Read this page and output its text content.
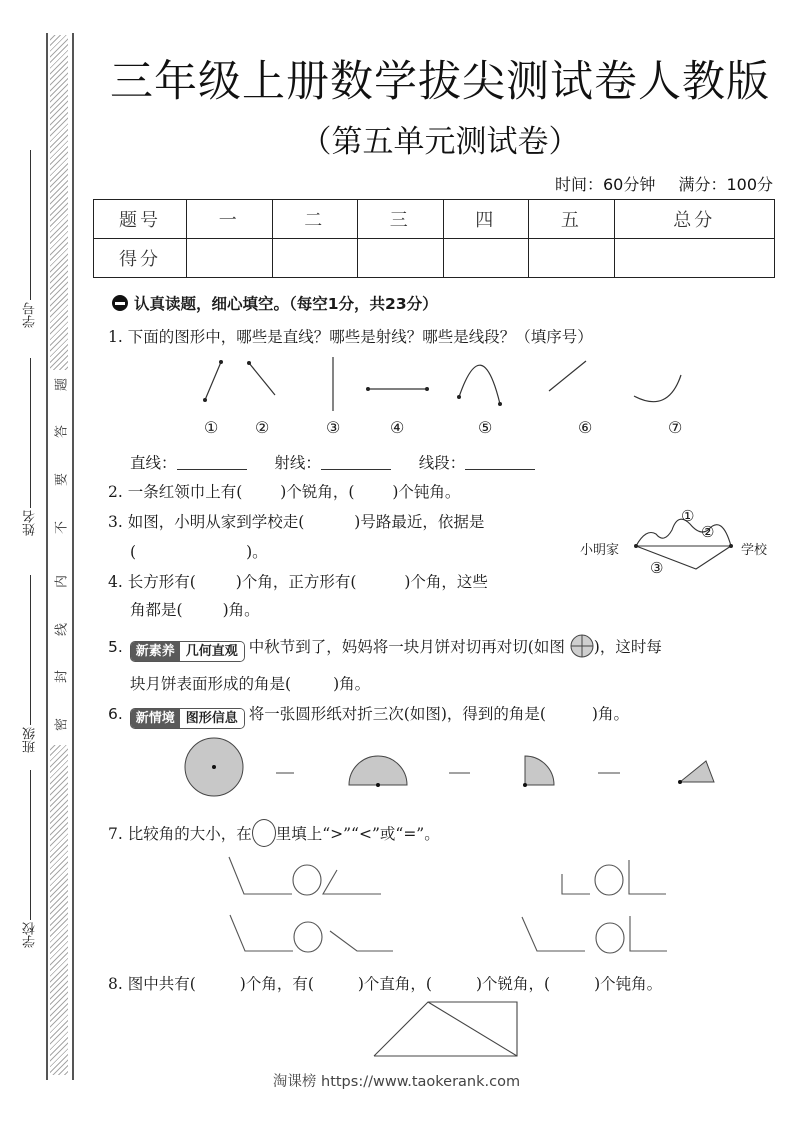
题
答
要
不
内
线
封
密
学号
姓名
班级
学校
三年级上册数学拔尖测试卷人教版
（第五单元测试卷）
时间：60分钟 满分：100分
题号	一	二	三	四	五	总分
得分						
认真读题，细心填空。（每空1分，共23分）
1. 下面的图形中，哪些是直线？哪些是射线？哪些是线段？（填序号）
① ②	③	④	⑤	⑥	⑦
直线：	射线：	线段：
2. 一条红领巾上有( )个锐角，( )个钝角。
3. 如图，小明从家到学校走(	)号路最近，依据是
(	)。	小明家	学校
①
②
③
4. 长方形有(	)个角，正方形有(	)个角，这些
角都是(	)角。
5. 新素养 几何直观 中秋节到了，妈妈将一块月饼对切再对切(如图 )，这时每
块月饼表面形成的角是(	)角。
6. 新情境 图形信息 将一张圆形纸对折三次(如图)，得到的角是(	)角。
7. 比较角的大小，在 里填上“>”“<”或“=”。
8. 图中共有(	)个角，有(	)个直角，(	)个锐角，(	)个钝角。
淘课榜 https://www.taokerank.com
